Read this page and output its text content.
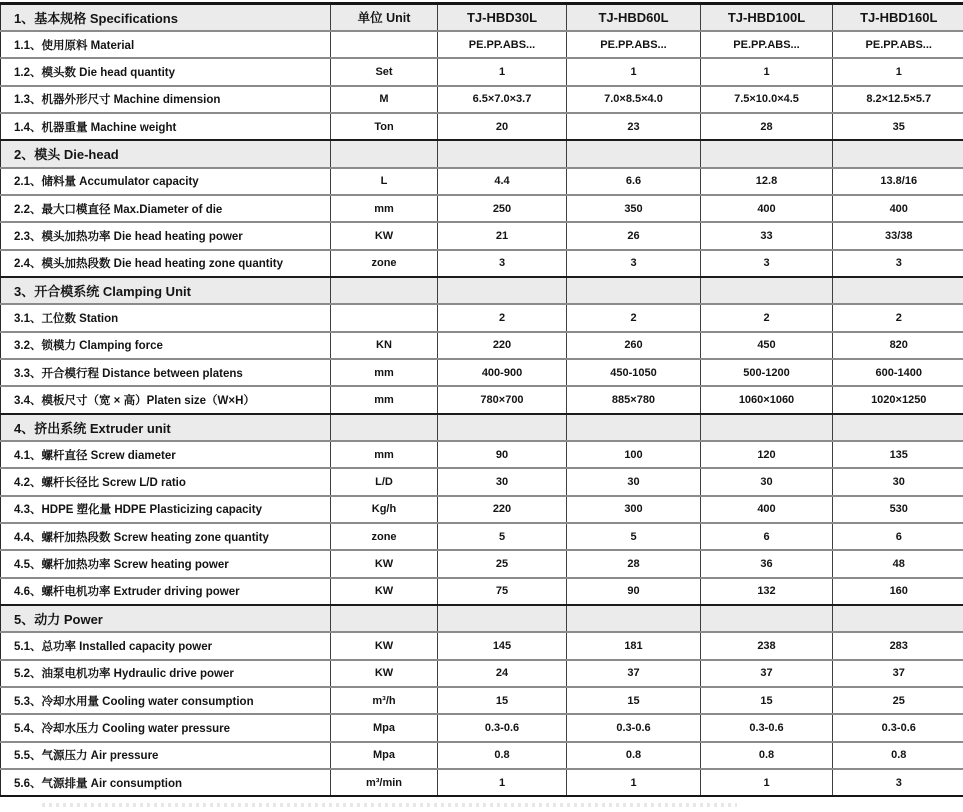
1、基本规格 Specifications	单位 Unit	TJ-HBD30L	TJ-HBD60L	TJ-HBD100L	TJ-HBD160L
1.1、使用原料 Material		PE.PP.ABS...	PE.PP.ABS...	PE.PP.ABS...	PE.PP.ABS...
1.2、模头数 Die head quantity	Set	1	1	1	1
1.3、机器外形尺寸 Machine dimension	M	6.5×7.0×3.7	7.0×8.5×4.0	7.5×10.0×4.5	8.2×12.5×5.7
1.4、机器重量 Machine weight	Ton	20	23	28	35
2、模头 Die-head					
2.1、储料量 Accumulator capacity	L	4.4	6.6	12.8	13.8/16
2.2、最大口模直径 Max.Diameter of die	mm	250	350	400	400
2.3、模头加热功率 Die head heating power	KW	21	26	33	33/38
2.4、模头加热段数 Die head heating zone quantity	zone	3	3	3	3
3、开合模系统 Clamping Unit					
3.1、工位数 Station		2	2	2	2
3.2、锁模力 Clamping force	KN	220	260	450	820
3.3、开合模行程 Distance between platens	mm	400-900	450-1050	500-1200	600-1400
3.4、模板尺寸（宽 × 高）Platen size（W×H）	mm	780×700	885×780	1060×1060	1020×1250
4、挤出系统 Extruder unit					
4.1、螺杆直径 Screw diameter	mm	90	100	120	135
4.2、螺杆长径比 Screw L/D ratio	L/D	30	30	30	30
4.3、HDPE 塑化量 HDPE Plasticizing capacity	Kg/h	220	300	400	530
4.4、螺杆加热段数 Screw heating zone quantity	zone	5	5	6	6
4.5、螺杆加热功率 Screw heating power	KW	25	28	36	48
4.6、螺杆电机功率 Extruder driving power	KW	75	90	132	160
5、动力 Power					
5.1、总功率 Installed capacity power	KW	145	181	238	283
5.2、油泵电机功率 Hydraulic drive power	KW	24	37	37	37
5.3、冷却水用量 Cooling water consumption	m³/h	15	15	15	25
5.4、冷却水压力 Cooling water pressure	Mpa	0.3-0.6	0.3-0.6	0.3-0.6	0.3-0.6
5.5、气源压力 Air pressure	Mpa	0.8	0.8	0.8	0.8
5.6、气源排量 Air consumption	m³/min	1	1	1	3
